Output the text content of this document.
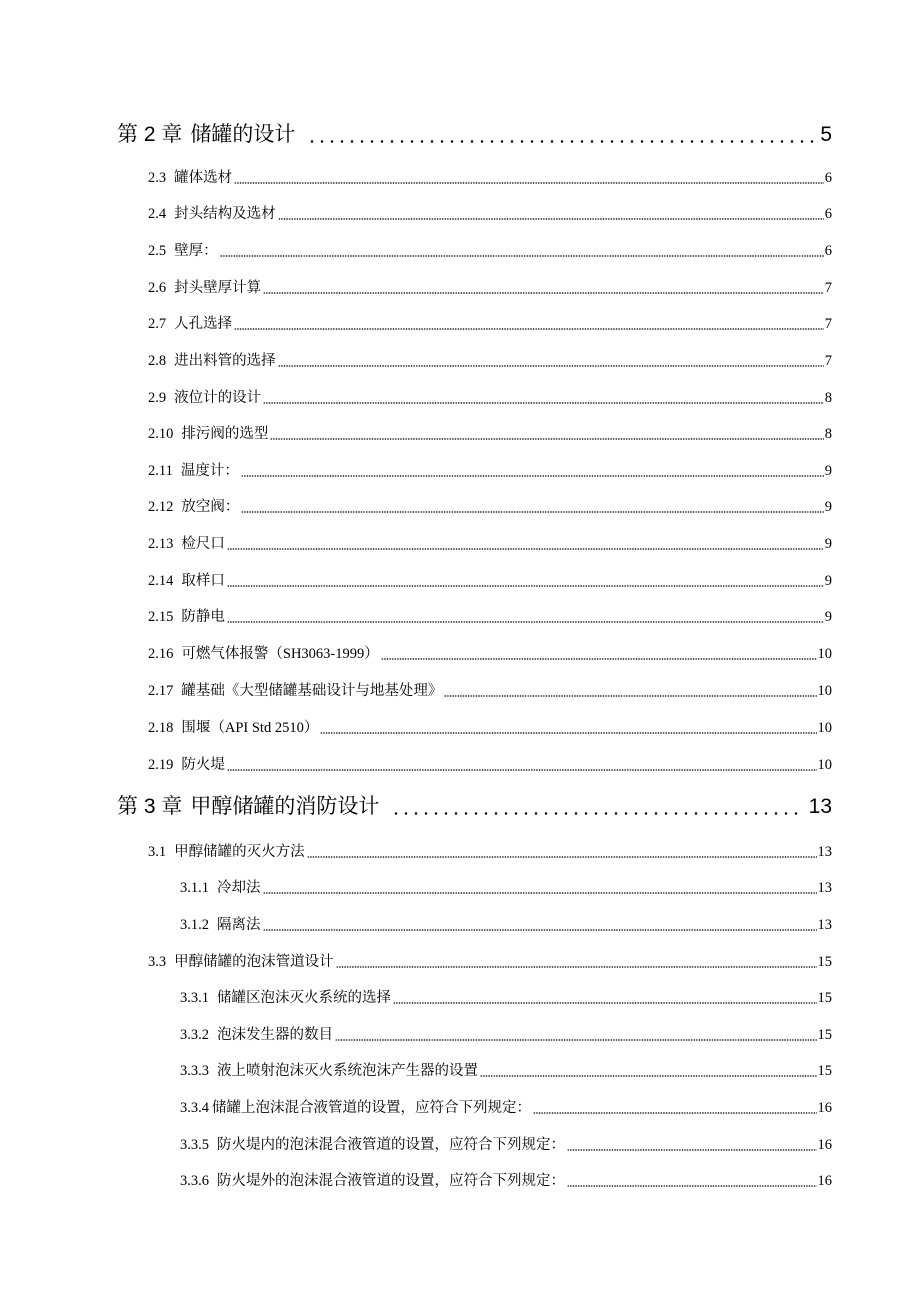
第 2 章 储罐的设计	5
2.3 罐体选材	6
2.4 封头结构及选材	6
2.5 壁厚：	6
2.6 封头壁厚计算	7
2.7 人孔选择	7
2.8 进出料管的选择	7
2.9 液位计的设计	8
2.10 排污阀的选型	8
2.11 温度计：	9
2.12 放空阀：	9
2.13 检尺口	9
2.14 取样口	9
2.15 防静电	9
2.16 可燃气体报警（SH3063-1999）	10
2.17 罐基础《大型储罐基础设计与地基处理》	10
2.18 围堰（API Std 2510）	10
2.19 防火堤	10
第 3 章 甲醇储罐的消防设计	13
3.1 甲醇储罐的灭火方法	13
3.1.1 冷却法	13
3.1.2 隔离法	13
3.3 甲醇储罐的泡沫管道设计	15
3.3.1 储罐区泡沫灭火系统的选择	15
3.3.2 泡沫发生器的数目	15
3.3.3 液上喷射泡沫灭火系统泡沫产生器的设置	15
3.3.4 储罐上泡沫混合液管道的设置，应符合下列规定：	16
3.3.5 防火堤内的泡沫混合液管道的设置，应符合下列规定：	16
3.3.6 防火堤外的泡沫混合液管道的设置，应符合下列规定：	16
